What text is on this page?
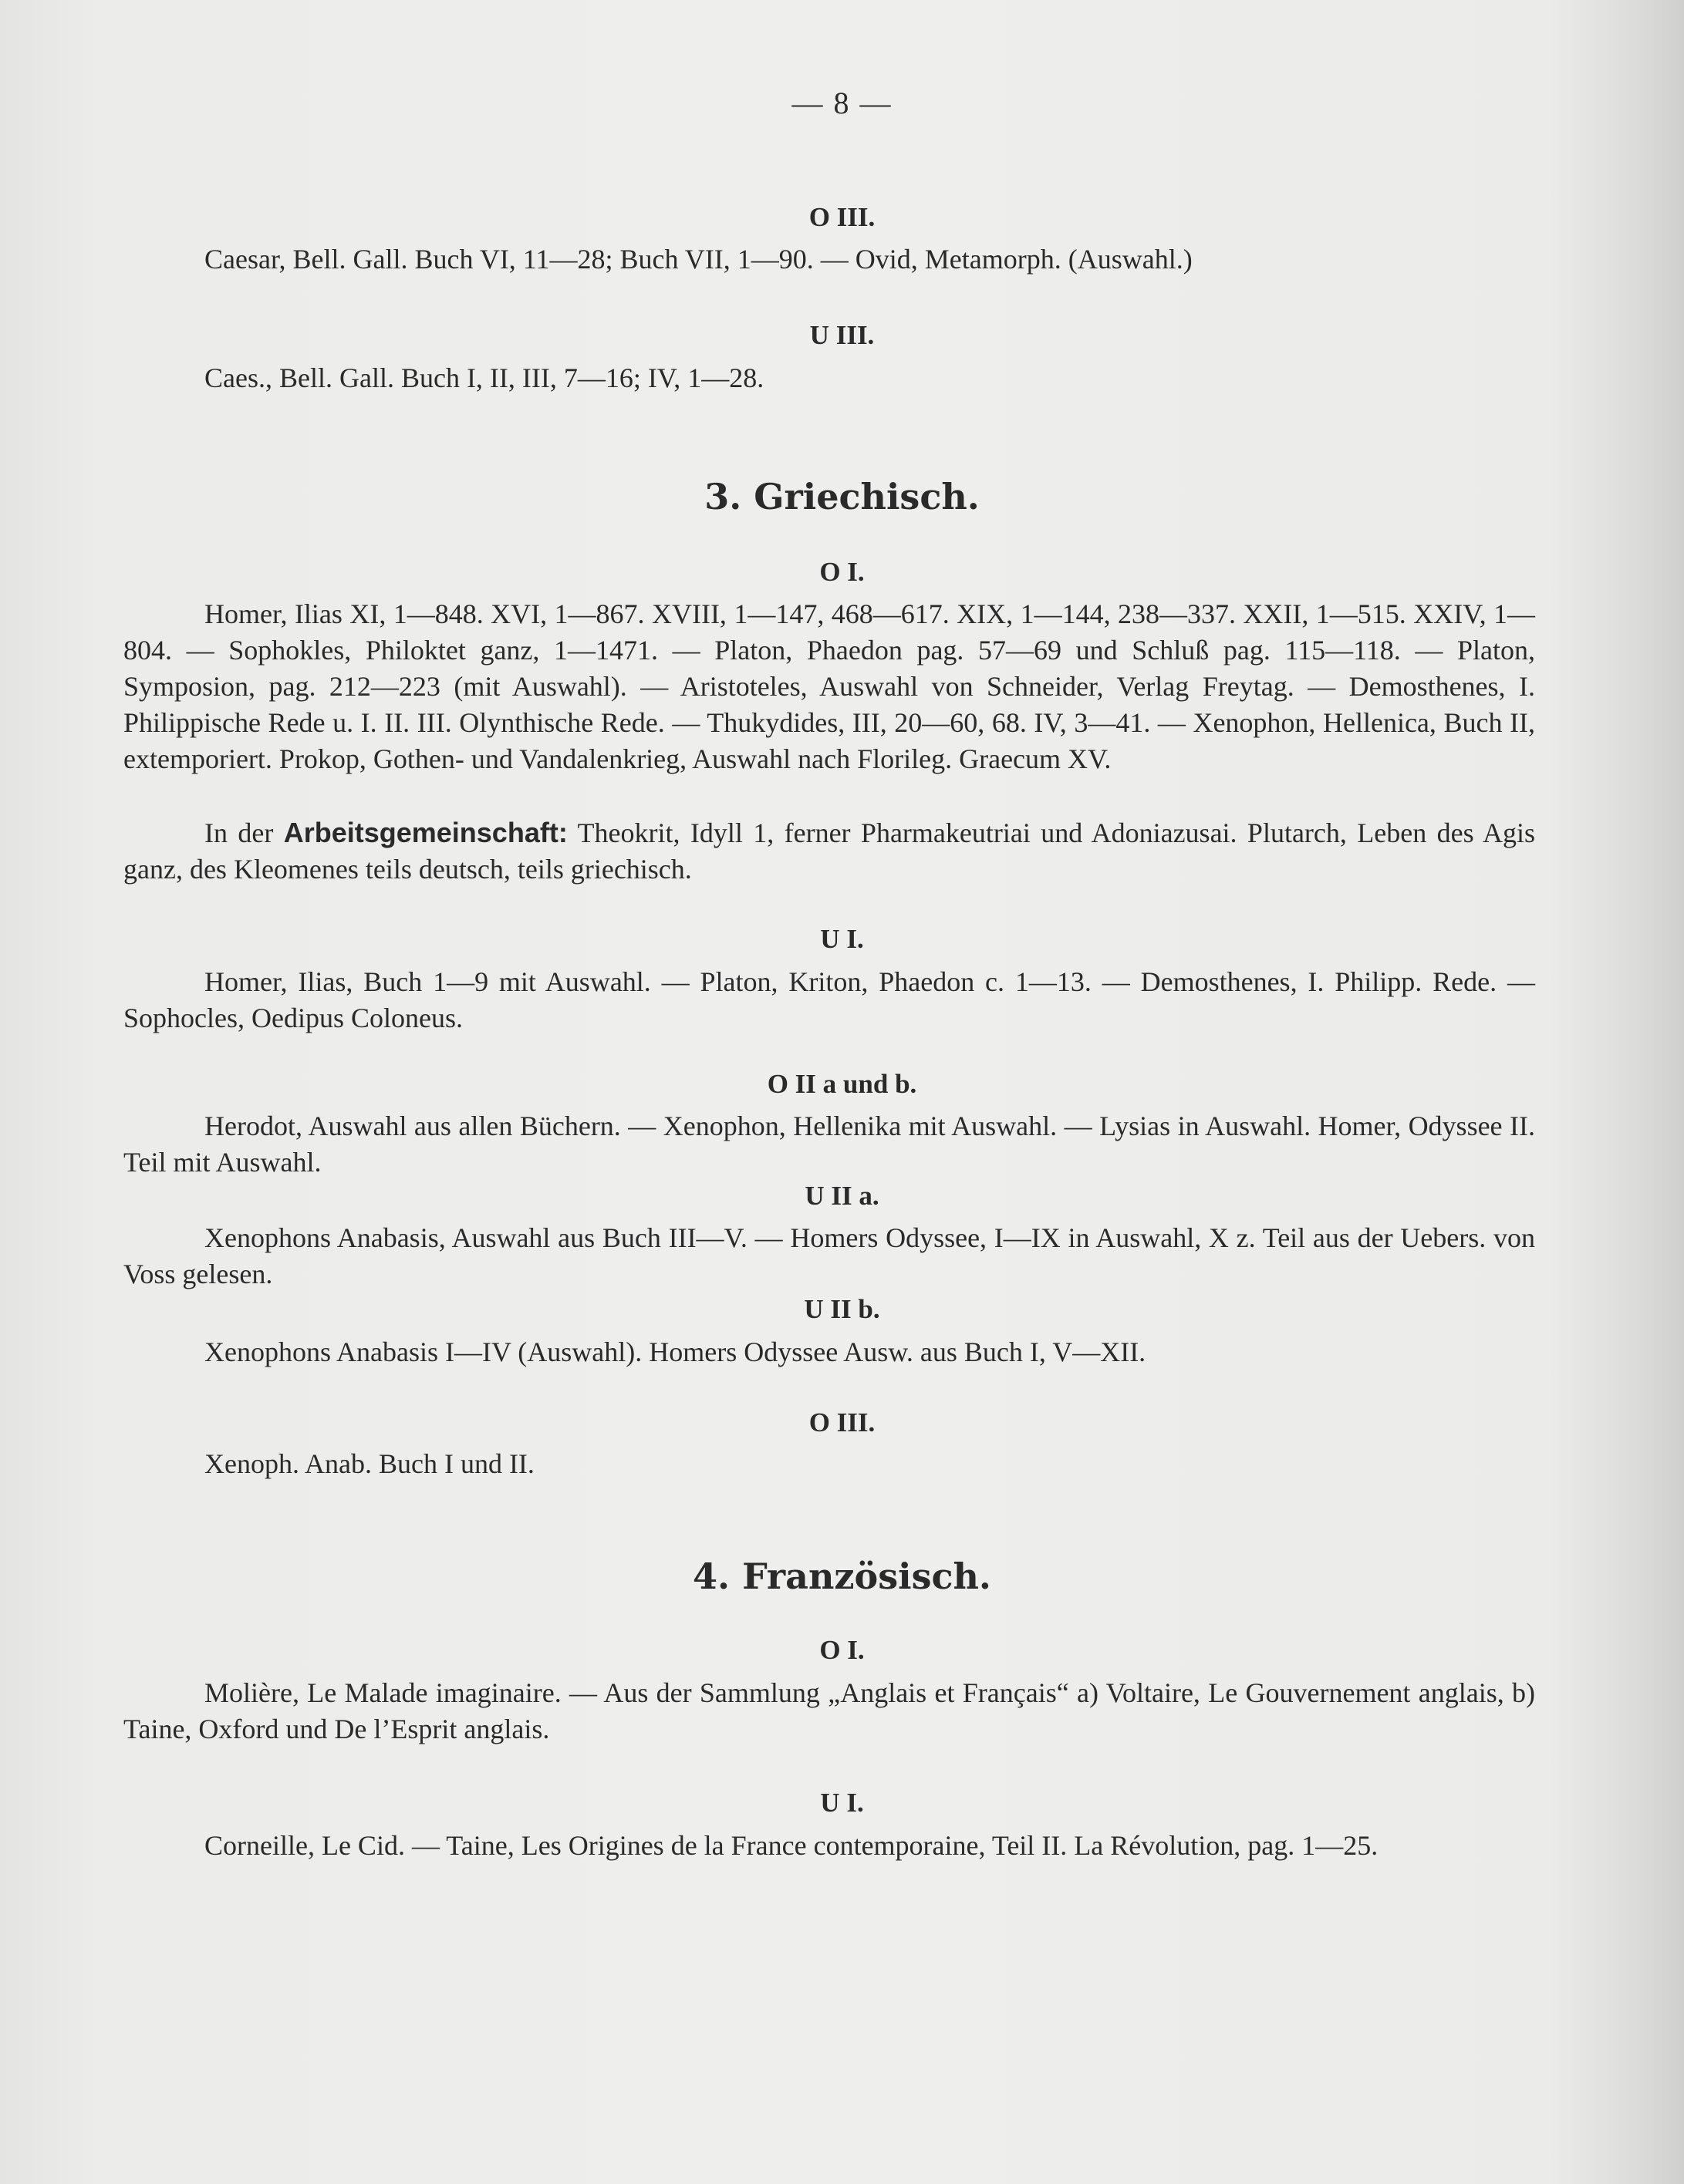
— 8 —
O III.
Caesar, Bell. Gall. Buch VI, 11—28; Buch VII, 1—90. — Ovid, Metamorph. (Auswahl.)
U III.
Caes., Bell. Gall. Buch I, II, III, 7—16; IV, 1—28.
3. Griechisch.
O I.
Homer, Ilias XI, 1—848. XVI, 1—867. XVIII, 1—147, 468—617. XIX, 1—144, 238—337. XXII, 1—515. XXIV, 1—804. — Sophokles, Philoktet ganz, 1—1471. — Platon, Phaedon pag. 57—69 und Schluß pag. 115—118. — Platon, Symposion, pag. 212—223 (mit Auswahl). — Aristoteles, Auswahl von Schneider, Verlag Freytag. — Demosthenes, I. Philippische Rede u. I. II. III. Olynthische Rede. — Thukydides, III, 20—60, 68. IV, 3—41. — Xenophon, Hellenica, Buch II, extemporiert. Prokop, Gothen- und Vandalenkrieg, Auswahl nach Florileg. Graecum XV.
In der Arbeitsgemeinschaft: Theokrit, Idyll 1, ferner Pharmakeutriai und Adoniazusai. Plutarch, Leben des Agis ganz, des Kleomenes teils deutsch, teils griechisch.
U I.
Homer, Ilias, Buch 1—9 mit Auswahl. — Platon, Kriton, Phaedon c. 1—13. — Demosthenes, I. Philipp. Rede. — Sophocles, Oedipus Coloneus.
O II a und b.
Herodot, Auswahl aus allen Büchern. — Xenophon, Hellenika mit Auswahl. — Lysias in Auswahl. Homer, Odyssee II. Teil mit Auswahl.
U II a.
Xenophons Anabasis, Auswahl aus Buch III—V. — Homers Odyssee, I—IX in Auswahl, X z. Teil aus der Uebers. von Voss gelesen.
U II b.
Xenophons Anabasis I—IV (Auswahl). Homers Odyssee Ausw. aus Buch I, V—XII.
O III.
Xenoph. Anab. Buch I und II.
4. Französisch.
O I.
Molière, Le Malade imaginaire. — Aus der Sammlung „Anglais et Français“ a) Voltaire, Le Gouvernement anglais, b) Taine, Oxford und De l’Esprit anglais.
U I.
Corneille, Le Cid. — Taine, Les Origines de la France contemporaine, Teil II. La Révolution, pag. 1—25.
